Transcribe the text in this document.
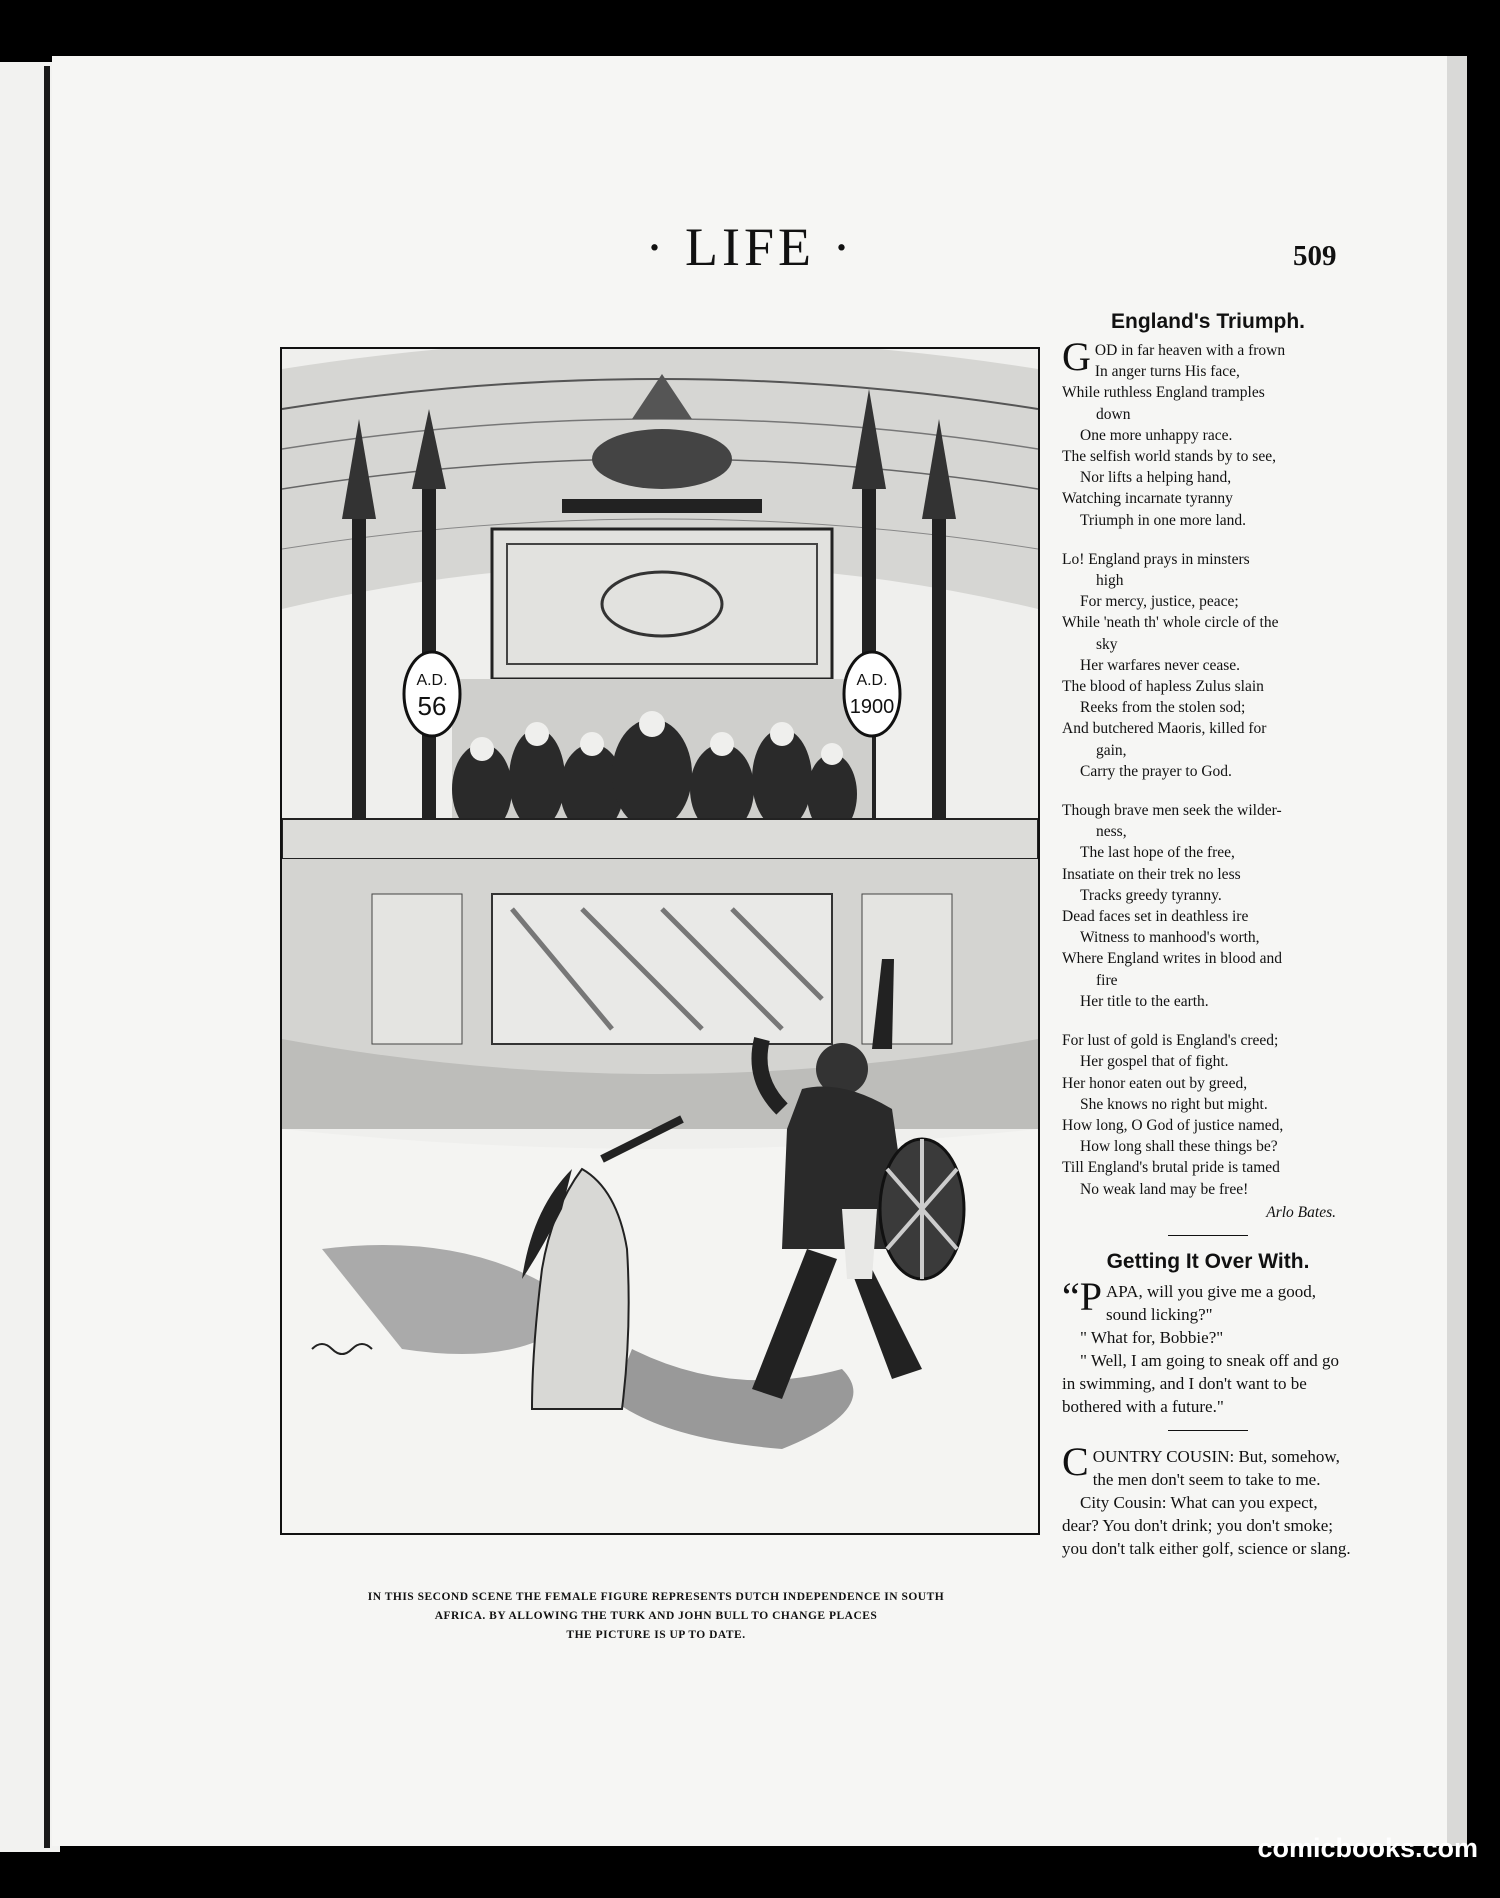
· LIFE ·	509
A.D.
56
A.D.
1900
IN THIS SECOND SCENE THE FEMALE FIGURE REPRESENTS DUTCH INDEPENDENCE IN SOUTH
AFRICA. BY ALLOWING THE TURK AND JOHN BULL TO CHANGE PLACES
THE PICTURE IS UP TO DATE.
England's Triumph.
G OD in far heaven with a frown
In anger turns His face,
While ruthless England tramples
down
One more unhappy race.
The selfish world stands by to see,
Nor lifts a helping hand,
Watching incarnate tyranny
Triumph in one more land.
Lo! England prays in minsters
high
For mercy, justice, peace;
While 'neath th' whole circle of the
sky
Her warfares never cease.
The blood of hapless Zulus slain
Reeks from the stolen sod;
And butchered Maoris, killed for
gain,
Carry the prayer to God.
Though brave men seek the wilder-
ness,
The last hope of the free,
Insatiate on their trek no less
Tracks greedy tyranny.
Dead faces set in deathless ire
Witness to manhood's worth,
Where England writes in blood and
fire
Her title to the earth.
For lust of gold is England's creed;
Her gospel that of fight.
Her honor eaten out by greed,
She knows no right but might.
How long, O God of justice named,
How long shall these things be?
Till England's brutal pride is tamed
No weak land may be free!
Arlo Bates.
Getting It Over With.
“P APA, will you give me a good, sound licking?"
" What for, Bobbie?"
" Well, I am going to sneak off and go in swimming, and I don't want to be bothered with a future."
C OUNTRY COUSIN: But, somehow, the men don't seem to take to me.
City Cousin: What can you expect, dear? You don't drink; you don't smoke; you don't talk either golf, science or slang.
comicbooks.com
